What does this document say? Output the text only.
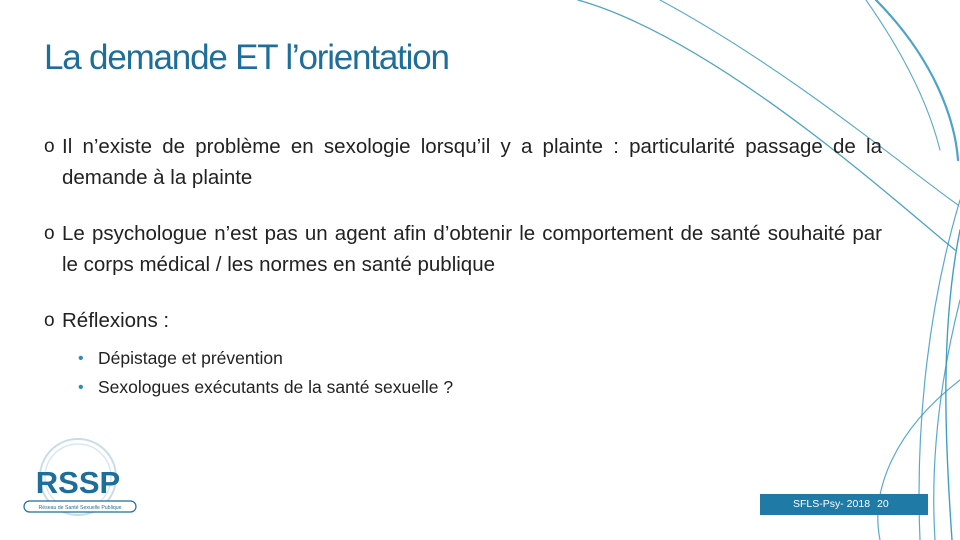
La demande ET l’orientation
o Il n’existe de problème en sexologie lorsqu’il y a plainte : particularité passage de la demande à la plainte
o Le psychologue n’est pas un agent afin d’obtenir le comportement de santé souhaité par le corps médical / les normes en santé publique
o Réflexions :
• Dépistage et prévention
• Sexologues exécutants de la santé sexuelle ?
RSSP
Réseau de Santé Sexuelle Publique	SFLS-Psy- 2018 20
